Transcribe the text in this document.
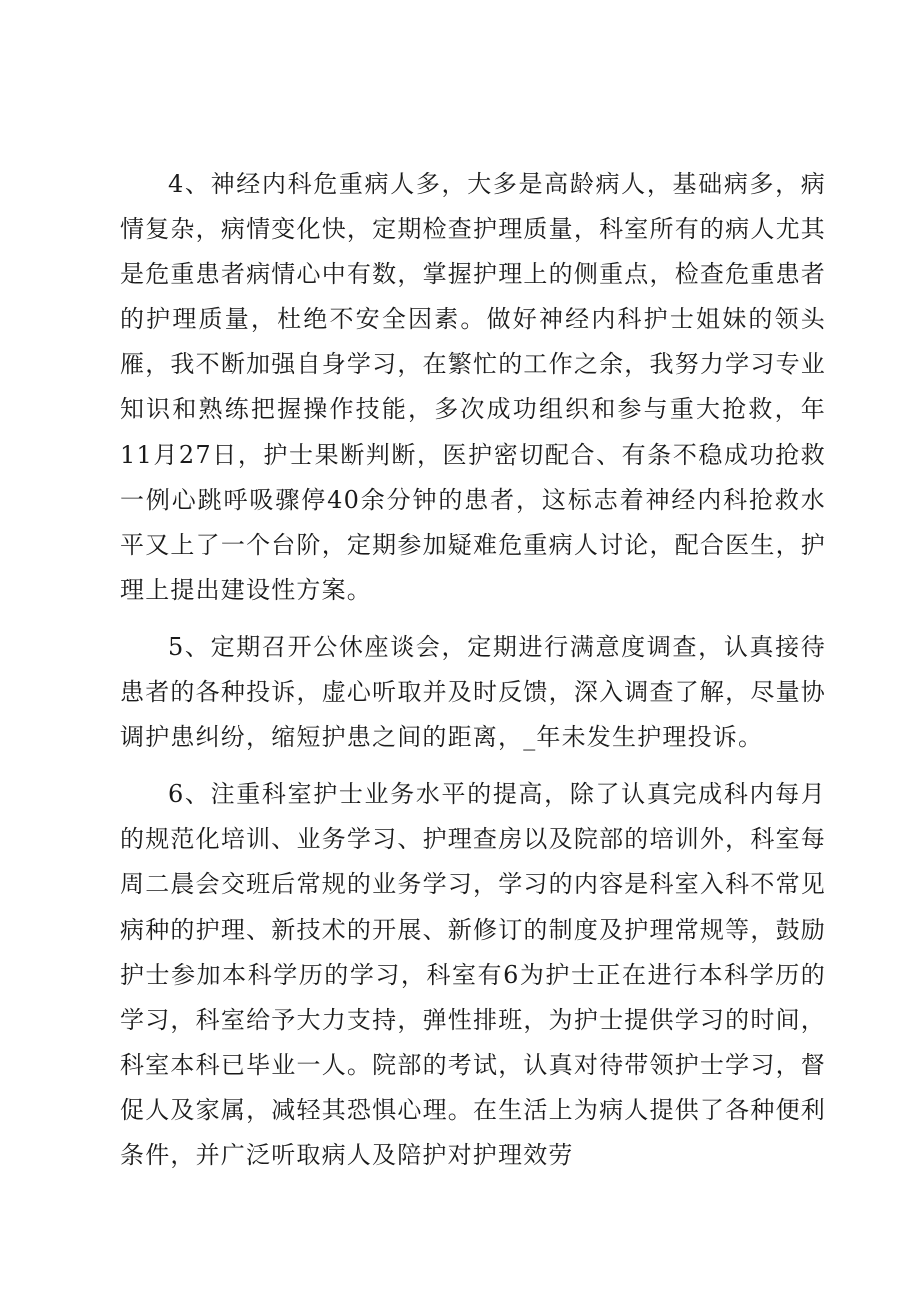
4、神经内科危重病人多，大多是高龄病人，基础病多，病情复杂，病情变化快，定期检查护理质量，科室所有的病人尤其是危重患者病情心中有数，掌握护理上的侧重点，检查危重患者的护理质量，杜绝不安全因素。做好神经内科护士姐妹的领头雁，我不断加强自身学习，在繁忙的工作之余，我努力学习专业知识和熟练把握操作技能，多次成功组织和参与重大抢救，年11月27日，护士果断判断，医护密切配合、有条不稳成功抢救一例心跳呼吸骤停40余分钟的患者，这标志着神经内科抢救水平又上了一个台阶，定期参加疑难危重病人讨论，配合医生，护理上提出建设性方案。

5、定期召开公休座谈会，定期进行满意度调查，认真接待患者的各种投诉，虚心听取并及时反馈，深入调查了解，尽量协调护患纠纷，缩短护患之间的距离，_年未发生护理投诉。

6、注重科室护士业务水平的提高，除了认真完成科内每月的规范化培训、业务学习、护理查房以及院部的培训外，科室每周二晨会交班后常规的业务学习，学习的内容是科室入科不常见病种的护理、新技术的开展、新修订的制度及护理常规等，鼓励护士参加本科学历的学习，科室有6为护士正在进行本科学历的学习，科室给予大力支持，弹性排班，为护士提供学习的时间，科室本科已毕业一人。院部的考试，认真对待带领护士学习，督促人及家属，减轻其恐惧心理。在生活上为病人提供了各种便利条件，并广泛听取病人及陪护对护理效劳
